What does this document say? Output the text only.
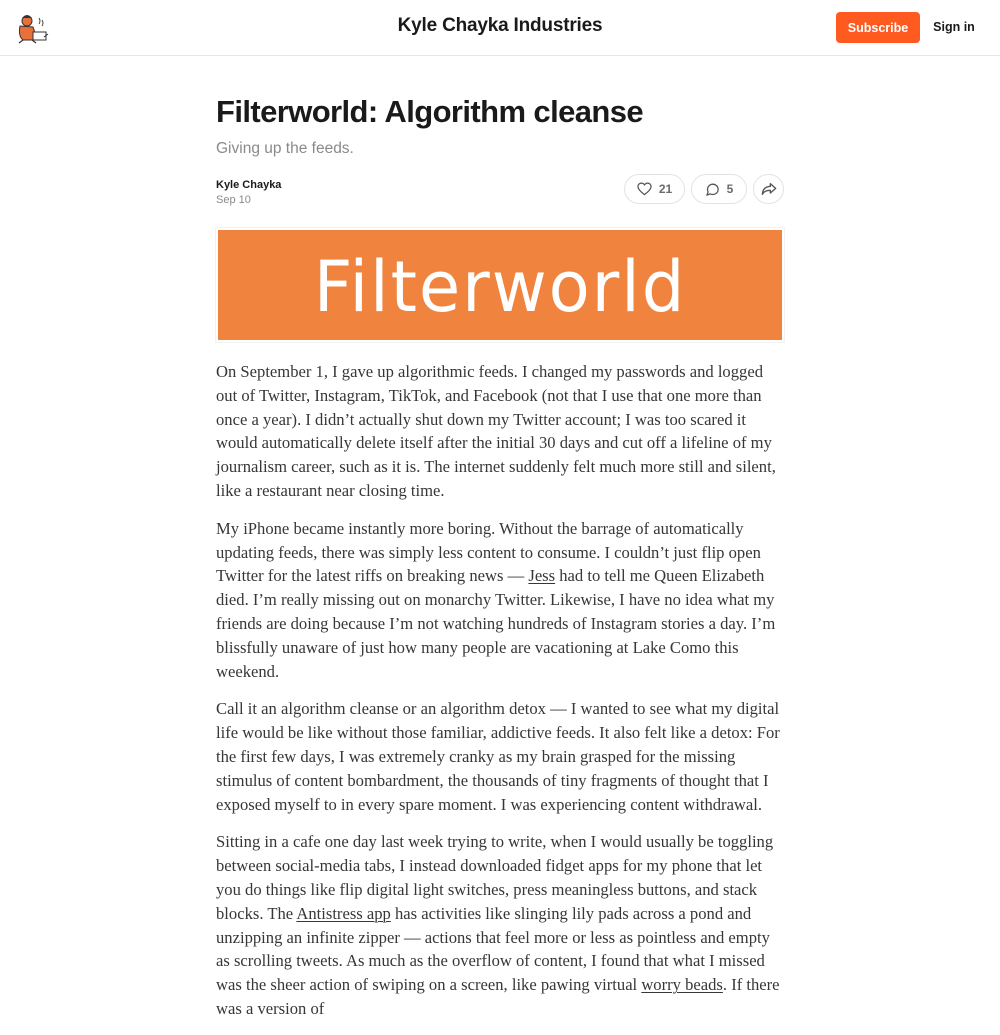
Kyle Chayka Industries	Subscribe	Sign in
Filterworld: Algorithm cleanse
Giving up the feeds.
Kyle Chayka
Sep 10
21	5
Filterworld

On September 1, I gave up algorithmic feeds. I changed my passwords and logged out of Twitter, Instagram, TikTok, and Facebook (not that I use that one more than once a year). I didn’t actually shut down my Twitter account; I was too scared it would automatically delete itself after the initial 30 days and cut off a lifeline of my journalism career, such as it is. The internet suddenly felt much more still and silent, like a restaurant near closing time.

My iPhone became instantly more boring. Without the barrage of automatically updating feeds, there was simply less content to consume. I couldn’t just flip open Twitter for the latest riffs on breaking news — Jess had to tell me Queen Elizabeth died. I’m really missing out on monarchy Twitter. Likewise, I have no idea what my friends are doing because I’m not watching hundreds of Instagram stories a day. I’m blissfully unaware of just how many people are vacationing at Lake Como this weekend.

Call it an algorithm cleanse or an algorithm detox — I wanted to see what my digital life would be like without those familiar, addictive feeds. It also felt like a detox: For the first few days, I was extremely cranky as my brain grasped for the missing stimulus of content bombardment, the thousands of tiny fragments of thought that I exposed myself to in every spare moment. I was experiencing content withdrawal.

Sitting in a cafe one day last week trying to write, when I would usually be toggling between social-media tabs, I instead downloaded fidget apps for my phone that let you do things like flip digital light switches, press meaningless buttons, and stack blocks. The Antistress app has activities like slinging lily pads across a pond and unzipping an infinite zipper — actions that feel more or less as pointless and empty as scrolling tweets. As much as the overflow of content, I found that what I missed was the sheer action of swiping on a screen, like pawing virtual worry beads. If there was a version of
